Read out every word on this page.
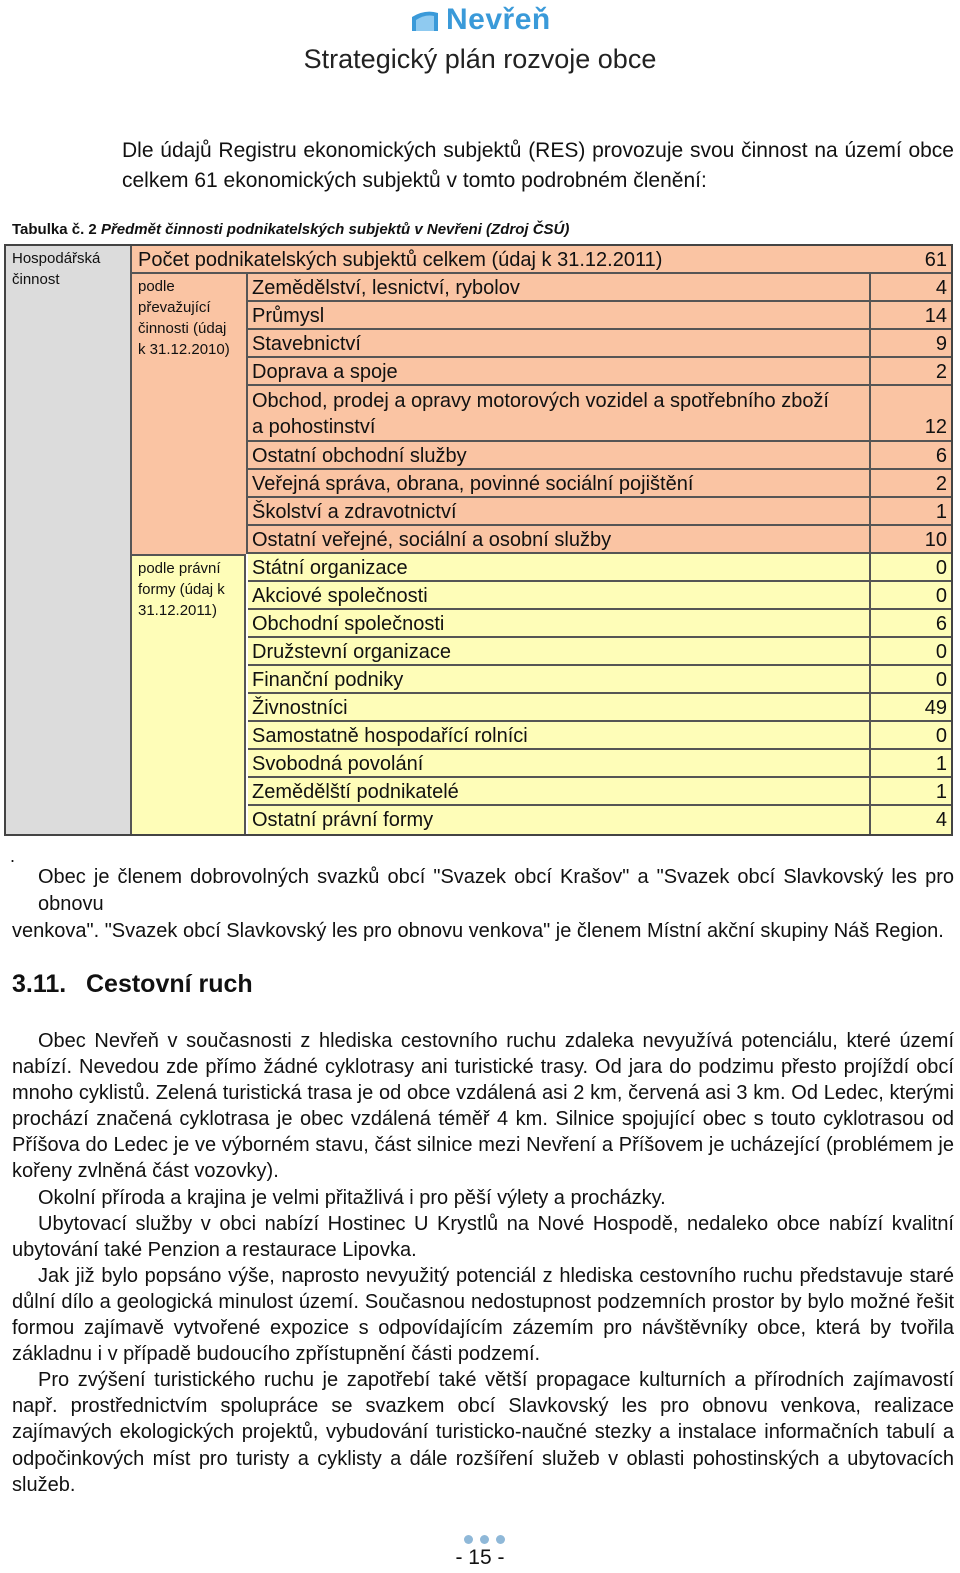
Nevřeň
Strategický plán rozvoje obce
Dle údajů Registru ekonomických subjektů (RES) provozuje svou činnost na území obce celkem 61 ekonomických subjektů v tomto podrobném členění:
Tabulka č. 2 Předmět činnosti podnikatelských subjektů v Nevřeni (Zdroj ČSÚ)
Hospodářská činnost
Počet podnikatelských subjektů celkem (údaj k 31.12.2011)	61
podle převažující činnosti (údaj k 31.12.2010)
podle právní formy (údaj k 31.12.2011)
Zemědělství, lesnictví, rybolov	4
Průmysl	14
Stavebnictví	9
Doprava a spoje	2
Obchod, prodej a opravy motorových vozidel a spotřebního zboží a pohostinství	12
Ostatní obchodní služby	6
Veřejná správa, obrana, povinné sociální pojištění	2
Školství a zdravotnictví	1
Ostatní veřejné, sociální a osobní služby	10
Státní organizace	0
Akciové společnosti	0
Obchodní společnosti	6
Družstevní organizace	0
Finanční podniky	0
Živnostníci	49
Samostatně hospodařící rolníci	0
Svobodná povolání	1
Zemědělští podnikatelé	1
Ostatní právní formy	4
.
Obec je členem dobrovolných svazků obcí "Svazek obcí Krašov" a "Svazek obcí Slavkovský les pro obnovu
venkova". "Svazek obcí Slavkovský les pro obnovu venkova" je členem Místní akční skupiny Náš Region.
3.11. Cestovní ruch

Obec Nevřeň v současnosti z hlediska cestovního ruchu zdaleka nevyužívá potenciálu, které území nabízí. Nevedou zde přímo žádné cyklotrasy ani turistické trasy. Od jara do podzimu přesto projíždí obcí mnoho cyklistů. Zelená turistická trasa je od obce vzdálená asi 2 km, červená asi 3 km. Od Ledec, kterými prochází značená cyklotrasa je obec vzdálená téměř 4 km. Silnice spojující obec s touto cyklotrasou od Příšova do Ledec je ve výborném stavu, část silnice mezi Nevření a Příšovem je ucházející (problémem je kořeny zvlněná část vozovky).

Okolní příroda a krajina je velmi přitažlivá i pro pěší výlety a procházky.

Ubytovací služby v obci nabízí Hostinec U Krystlů na Nové Hospodě, nedaleko obce nabízí kvalitní ubytování také Penzion a restaurace Lipovka.

Jak již bylo popsáno výše, naprosto nevyužitý potenciál z hlediska cestovního ruchu představuje staré důlní dílo a geologická minulost území. Současnou nedostupnost podzemních prostor by bylo možné řešit formou zajímavě vytvořené expozice s odpovídajícím zázemím pro návštěvníky obce, která by tvořila základnu i v případě budoucího zpřístupnění části podzemí.

Pro zvýšení turistického ruchu je zapotřebí také větší propagace kulturních a přírodních zajímavostí např. prostřednictvím spolupráce se svazkem obcí Slavkovský les pro obnovu venkova, realizace zajímavých ekologických projektů, vybudování turisticko-naučné stezky a instalace informačních tabulí a odpočinkových míst pro turisty a cyklisty a dále rozšíření služeb v oblasti pohostinských a ubytovacích služeb.

- 15 -
